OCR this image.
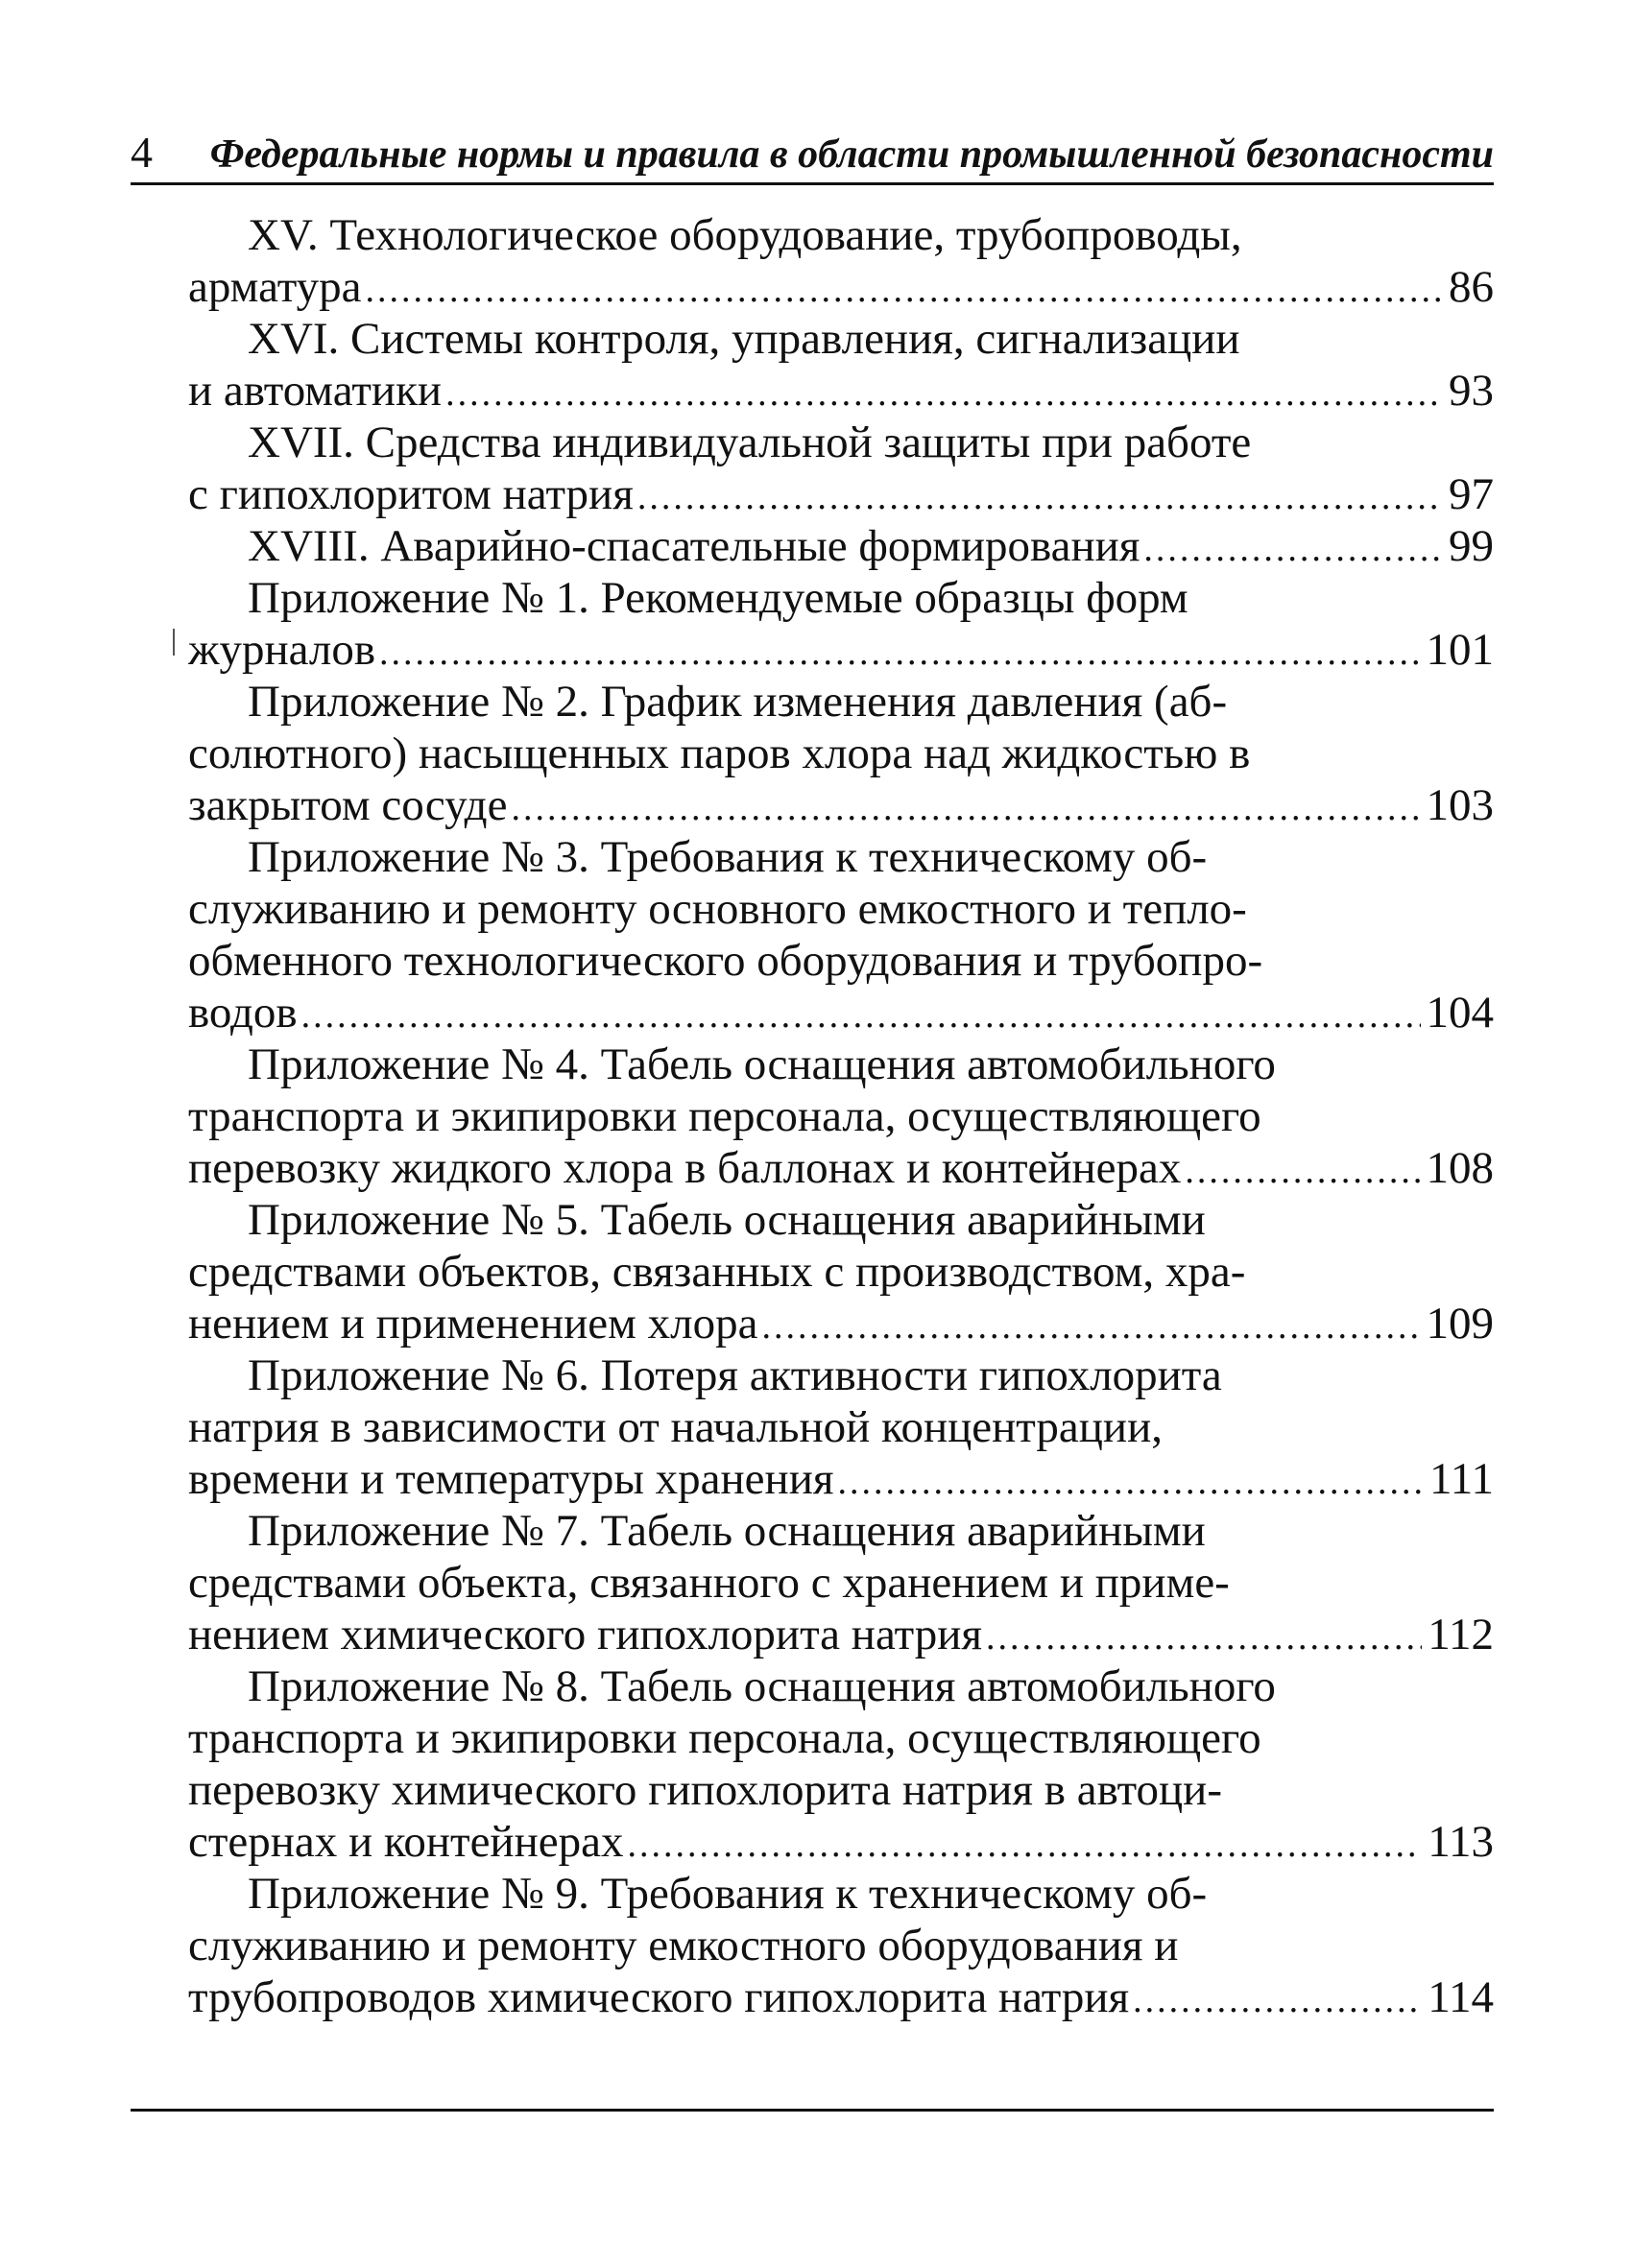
4 Федеральные нормы и правила в области промышленной безопасности
XV. Технологическое оборудование, трубопроводы,
арматура .....	86
XVI. Системы контроля, управления, сигнализации
и автоматики .....	93
XVII. Средства индивидуальной защиты при работе
с гипохлоритом натрия .....	97
XVIII. Аварийно-спасательные формирования .....	99
Приложение № 1. Рекомендуемые образцы форм
журналов .....	101
Приложение № 2. График изменения давления (аб-
солютного) насыщенных паров хлора над жидкостью в
закрытом сосуде .....	103
Приложение № 3. Требования к техническому об-
служиванию и ремонту основного емкостного и тепло-
обменного технологического оборудования и трубопро-
водов .....	104
Приложение № 4. Табель оснащения автомобильного
транспорта и экипировки персонала, осуществляющего
перевозку жидкого хлора в баллонах и контейнерах .....	108
Приложение № 5. Табель оснащения аварийными
средствами объектов, связанных с производством, хра-
нением и применением хлора .....	109
Приложение № 6. Потеря активности гипохлорита
натрия в зависимости от начальной концентрации,
времени и температуры хранения .....	111
Приложение № 7. Табель оснащения аварийными
средствами объекта, связанного с хранением и приме-
нением химического гипохлорита натрия .....	112
Приложение № 8. Табель оснащения автомобильного
транспорта и экипировки персонала, осуществляющего
перевозку химического гипохлорита натрия в автоци-
стернах и контейнерах .....	113
Приложение № 9. Требования к техническому об-
служиванию и ремонту емкостного оборудования и
трубопроводов химического гипохлорита натрия .....	114
